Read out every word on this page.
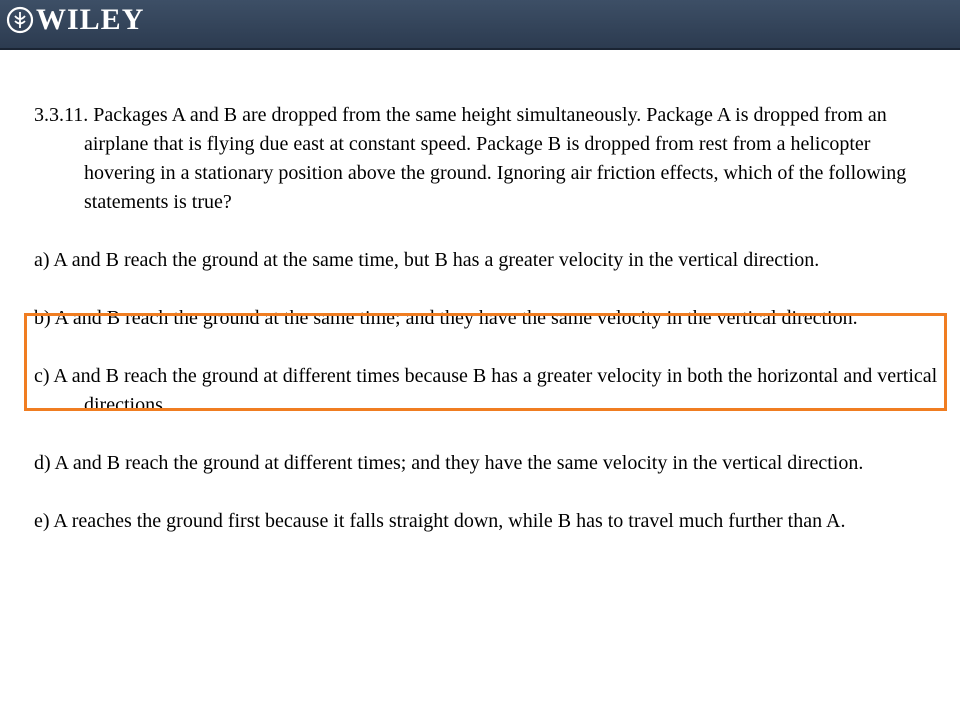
WILEY

3.3.11. Packages A and B are dropped from the same height simultaneously. Package A is dropped from an airplane that is flying due east at constant speed. Package B is dropped from rest from a helicopter hovering in a stationary position above the ground. Ignoring air friction effects, which of the following statements is true?

a) A and B reach the ground at the same time, but B has a greater velocity in the vertical direction.

b) A and B reach the ground at the same time; and they have the same velocity in the vertical direction.

c) A and B reach the ground at different times because B has a greater velocity in both the horizontal and vertical directions.

d) A and B reach the ground at different times; and they have the same velocity in the vertical direction.

e) A reaches the ground first because it falls straight down, while B has to travel much further than A.
